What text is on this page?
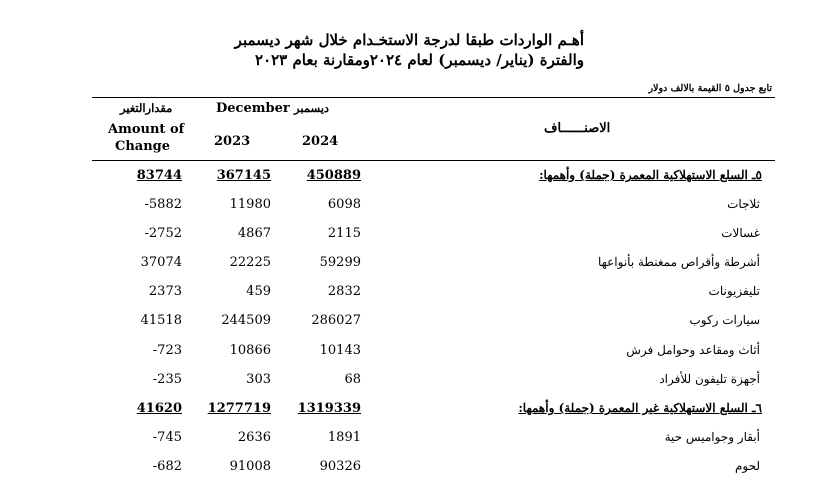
أهـم الواردات طبقا لدرجة الاستخـدام خلال شهر ديسمبر
والفترة (يناير/ ديسمبر) لعام ٢٠٢٤ومقارنة بعام ٢٠٢٣
تابع جدول ٥ القيمة بالالف دولار
مقدارالتغير
Amount of
Change
December ديسمبر
2023	2024
الاصنــــــاف
83744	367145	450889	٥ـ السلع الاستهلاكية المعمرة (جملة) وأهمها:
-5882	11980	6098	ثلاجات
-2752	4867	2115	غسالات
37074	22225	59299	أشرطة وأقراص ممغنطة بأنواعها
2373	459	2832	تليفزيونات
41518	244509	286027	سيارات ركوب
-723	10866	10143	أثاث ومقاعد وحوامل فرش
-235	303	68	أجهزة تليفون للأفراد
41620 1277719 1319339	٦ـ السلع الاستهلاكية غير المعمرة (جملة) وأهمها:
-745	2636	1891	أبقار وجواميس حية
-682	91008	90326	لحوم
